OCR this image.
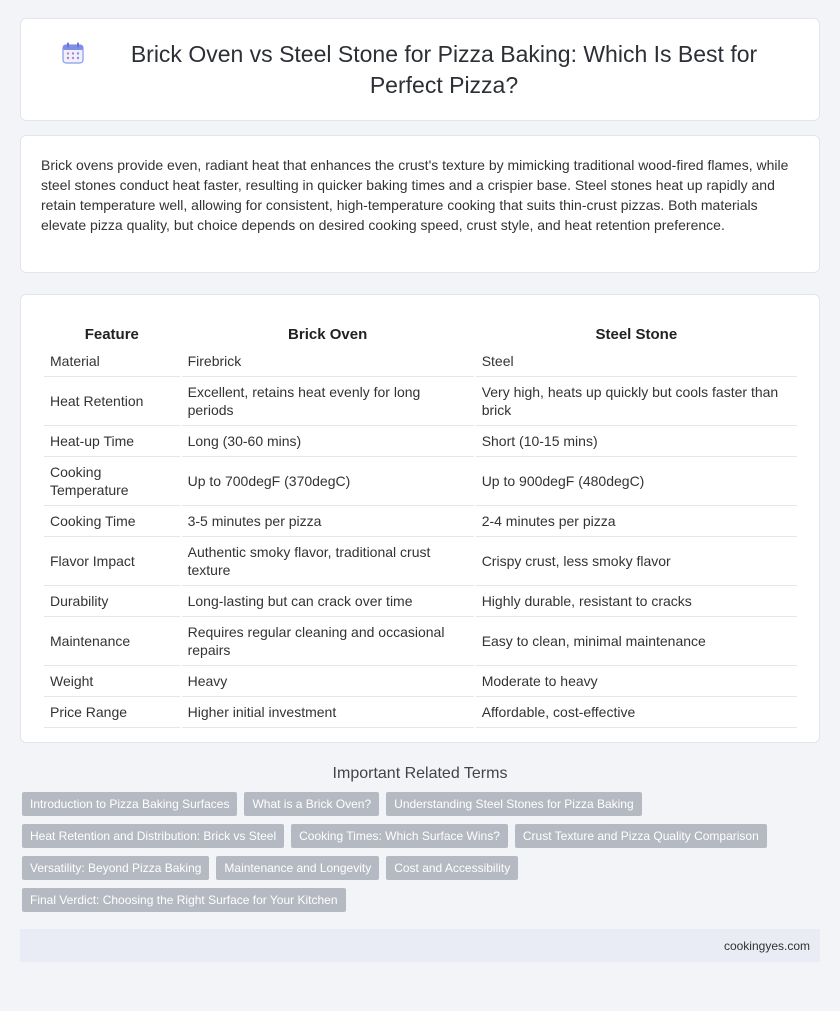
Brick Oven vs Steel Stone for Pizza Baking: Which Is Best for Perfect Pizza?

Brick ovens provide even, radiant heat that enhances the crust's texture by mimicking traditional wood-fired flames, while steel stones conduct heat faster, resulting in quicker baking times and a crispier base. Steel stones heat up rapidly and retain temperature well, allowing for consistent, high-temperature cooking that suits thin-crust pizzas. Both materials elevate pizza quality, but choice depends on desired cooking speed, crust style, and heat retention preference.

Feature	Brick Oven	Steel Stone
Material	Firebrick	Steel
Heat Retention	Excellent, retains heat evenly for long periods	Very high, heats up quickly but cools faster than brick
Heat-up Time	Long (30-60 mins)	Short (10-15 mins)
Cooking Temperature	Up to 700degF (370degC)	Up to 900degF (480degC)
Cooking Time	3-5 minutes per pizza	2-4 minutes per pizza
Flavor Impact	Authentic smoky flavor, traditional crust texture	Crispy crust, less smoky flavor
Durability	Long-lasting but can crack over time	Highly durable, resistant to cracks
Maintenance	Requires regular cleaning and occasional repairs	Easy to clean, minimal maintenance
Weight	Heavy	Moderate to heavy
Price Range	Higher initial investment	Affordable, cost-effective
Important Related Terms
Introduction to Pizza Baking Surfaces	What is a Brick Oven?	Understanding Steel Stones for Pizza Baking
Heat Retention and Distribution: Brick vs Steel	Cooking Times: Which Surface Wins?	Crust Texture and Pizza Quality Comparison
Versatility: Beyond Pizza Baking	Maintenance and Longevity	Cost and Accessibility
Final Verdict: Choosing the Right Surface for Your Kitchen
cookingyes.com
